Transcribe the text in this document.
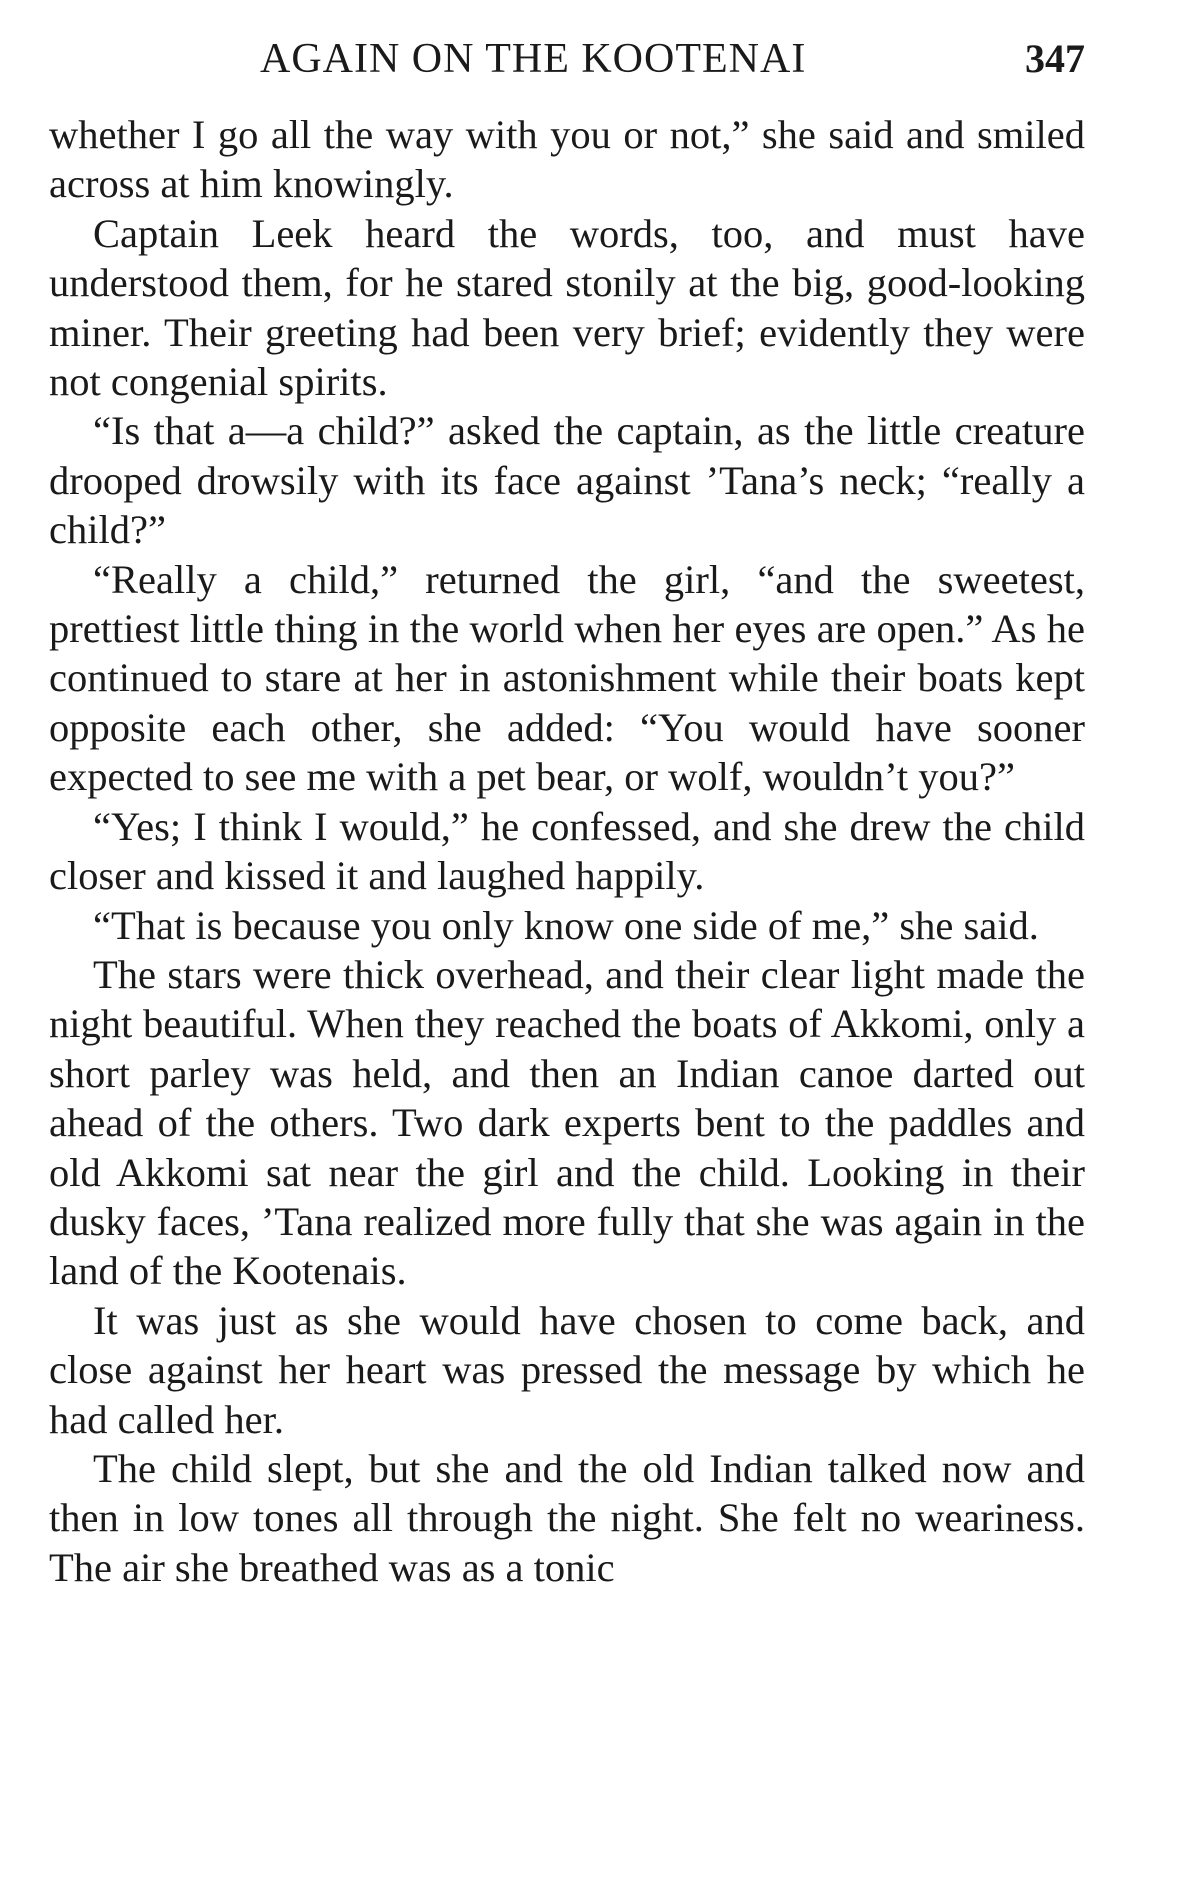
AGAIN ON THE KOOTENAI	347

whether I go all the way with you or not,” she said and smiled across at him knowingly.

Captain Leek heard the words, too, and must have understood them, for he stared stonily at the big, good-looking miner. Their greeting had been very brief; evidently they were not congenial spirits.

“Is that a—a child?” asked the captain, as the little creature drooped drowsily with its face against ’Tana’s neck; “really a child?”

“Really a child,” returned the girl, “and the sweetest, prettiest little thing in the world when her eyes are open.” As he continued to stare at her in astonishment while their boats kept opposite each other, she added: “You would have sooner expected to see me with a pet bear, or wolf, wouldn’t you?”

“Yes; I think I would,” he confessed, and she drew the child closer and kissed it and laughed happily.

“That is because you only know one side of me,” she said.

The stars were thick overhead, and their clear light made the night beautiful. When they reached the boats of Akkomi, only a short parley was held, and then an Indian canoe darted out ahead of the others. Two dark experts bent to the paddles and old Akkomi sat near the girl and the child. Looking in their dusky faces, ’Tana realized more fully that she was again in the land of the Kootenais.

It was just as she would have chosen to come back, and close against her heart was pressed the message by which he had called her.

The child slept, but she and the old Indian talked now and then in low tones all through the night. She felt no weariness. The air she breathed was as a tonic
